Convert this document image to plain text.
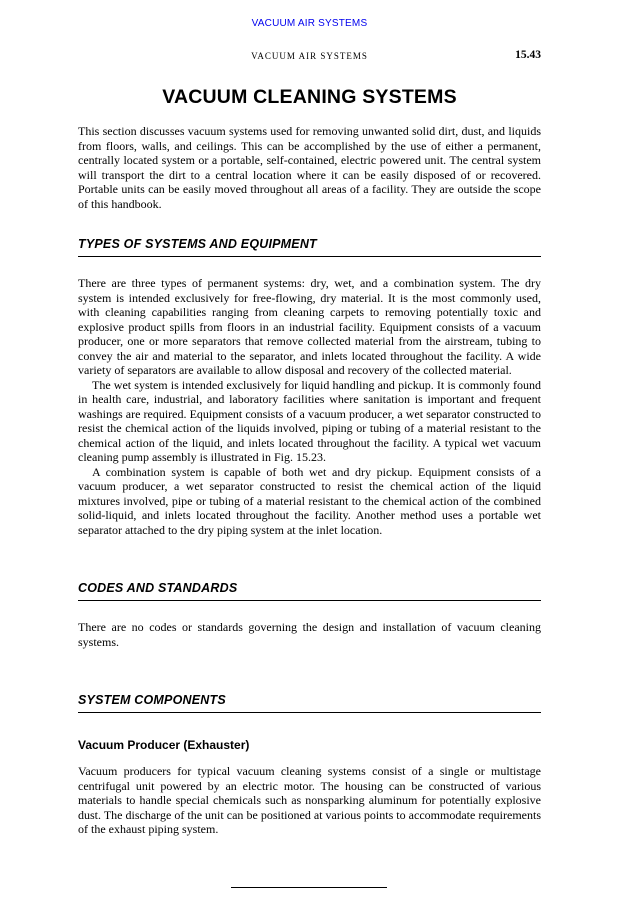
VACUUM AIR SYSTEMS
VACUUM AIR SYSTEMS	15.43
VACUUM CLEANING SYSTEMS

This section discusses vacuum systems used for removing unwanted solid dirt, dust, and liquids from floors, walls, and ceilings. This can be accomplished by the use of either a permanent, centrally located system or a portable, self-contained, electric powered unit. The central system will transport the dirt to a central location where it can be easily disposed of or recovered. Portable units can be easily moved throughout all areas of a facility. They are outside the scope of this handbook.

TYPES OF SYSTEMS AND EQUIPMENT

There are three types of permanent systems: dry, wet, and a combination system. The dry system is intended exclusively for free-flowing, dry material. It is the most commonly used, with cleaning capabilities ranging from cleaning carpets to removing potentially toxic and explosive product spills from floors in an industrial facility. Equipment consists of a vacuum producer, one or more separators that remove collected material from the airstream, tubing to convey the air and material to the separator, and inlets located throughout the facility. A wide variety of separators are available to allow disposal and recovery of the collected material.

The wet system is intended exclusively for liquid handling and pickup. It is commonly found in health care, industrial, and laboratory facilities where sanitation is important and frequent washings are required. Equipment consists of a vacuum producer, a wet separator constructed to resist the chemical action of the liquids involved, piping or tubing of a material resistant to the chemical action of the liquid, and inlets located throughout the facility. A typical wet vacuum cleaning pump assembly is illustrated in Fig. 15.23.

A combination system is capable of both wet and dry pickup. Equipment consists of a vacuum producer, a wet separator constructed to resist the chemical action of the liquid mixtures involved, pipe or tubing of a material resistant to the chemical action of the combined solid-liquid, and inlets located throughout the facility. Another method uses a portable wet separator attached to the dry piping system at the inlet location.

CODES AND STANDARDS

There are no codes or standards governing the design and installation of vacuum cleaning systems.

SYSTEM COMPONENTS
Vacuum Producer (Exhauster)

Vacuum producers for typical vacuum cleaning systems consist of a single or multistage centrifugal unit powered by an electric motor. The housing can be constructed of various materials to handle special chemicals such as nonsparking aluminum for potentially explosive dust. The discharge of the unit can be positioned at various points to accommodate requirements of the exhaust piping system.
